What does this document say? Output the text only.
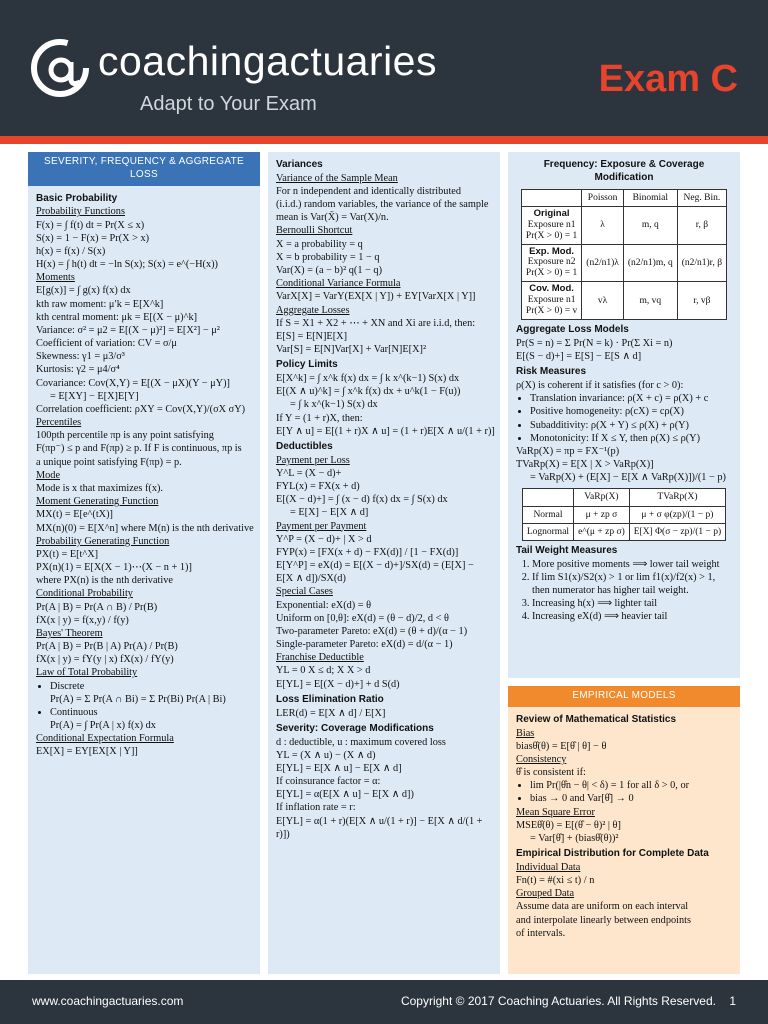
coachingactuaries
Adapt to Your Exam
Exam C
SEVERITY, FREQUENCY & AGGREGATE LOSS
Basic Probability
Probability Functions
F(x) = ∫ f(t) dt = Pr(X ≤ x)
S(x) = 1 − F(x) = Pr(X > x)
h(x) = f(x) / S(x)
H(x) = ∫ h(t) dt = −ln S(x); S(x) = e^(−H(x))
Moments
E[g(x)] = ∫ g(x) f(x) dx
kth raw moment: μ′k = E[X^k]
kth central moment: μk = E[(X − μ)^k]
Variance: σ² = μ2 = E[(X − μ)²] = E[X²] − μ²
Coefficient of variation: CV = σ/μ
Skewness: γ1 = μ3/σ³
Kurtosis: γ2 = μ4/σ⁴
Covariance: Cov(X,Y) = E[(X − μX)(Y − μY)]
= E[XY] − E[X]E[Y]
Correlation coefficient: ρXY = Cov(X,Y)/(σX σY)
Percentiles
100pth percentile πp is any point satisfying
F(πp⁻) ≤ p and F(πp) ≥ p. If F is continuous, πp is
a unique point satisfying F(πp) = p.
Mode
Mode is x that maximizes f(x).
Moment Generating Function
MX(t) = E[e^(tX)]
MX(n)(0) = E[X^n] where M(n) is the nth derivative
Probability Generating Function
PX(t) = E[t^X]
PX(n)(1) = E[X(X − 1)⋯(X − n + 1)]
where PX(n) is the nth derivative
Conditional Probability
Pr(A | B) = Pr(A ∩ B) / Pr(B)
fX(x | y) = f(x,y) / f(y)
Bayes' Theorem
Pr(A | B) = Pr(B | A) Pr(A) / Pr(B)
fX(x | y) = fY(y | x) fX(x) / fY(y)
Law of Total Probability
• Discrete
Pr(A) = Σ Pr(A ∩ Bi) = Σ Pr(Bi) Pr(A | Bi)
• Continuous
Pr(A) = ∫ Pr(A | x) f(x) dx
Conditional Expectation Formula
EX[X] = EY[EX[X | Y]]
Variances
Variance of the Sample Mean
For n independent and identically distributed
(i.i.d.) random variables, the variance of the sample
mean is Var(X̄) = Var(X)/n.
Bernoulli Shortcut
X = a probability = q
X = b probability = 1 − q
Var(X) = (a − b)² q(1 − q)
Conditional Variance Formula
VarX[X] = VarY(EX[X | Y]) + EY[VarX[X | Y]]
Aggregate Losses
If S = X1 + X2 + ⋯ + XN and Xi are i.i.d, then:
E[S] = E[N]E[X]
Var[S] = E[N]Var[X] + Var[N]E[X]²
Policy Limits
E[X^k] = ∫ x^k f(x) dx = ∫ k x^(k−1) S(x) dx
E[(X ∧ u)^k] = ∫ x^k f(x) dx + u^k(1 − F(u))
= ∫ k x^(k−1) S(x) dx
If Y = (1 + r)X, then:
E[Y ∧ u] = E[(1 + r)X ∧ u] = (1 + r)E[X ∧ u/(1 + r)]
Deductibles
Payment per Loss
Y^L = (X − d)+
FYL(x) = FX(x + d)
E[(X − d)+] = ∫ (x − d) f(x) dx = ∫ S(x) dx
= E[X] − E[X ∧ d]
Payment per Payment
Y^P = (X − d)+ | X > d
FYP(x) = [FX(x + d) − FX(d)] / [1 − FX(d)]
E[Y^P] = eX(d) = E[(X − d)+]/SX(d) = (E[X] − E[X ∧ d])/SX(d)
Special Cases
Exponential: eX(d) = θ
Uniform on [0,θ]: eX(d) = (θ − d)/2, d < θ
Two-parameter Pareto: eX(d) = (θ + d)/(α − 1)
Single-parameter Pareto: eX(d) = d/(α − 1)
Franchise Deductible
YL = 0 X ≤ d; X X > d
E[YL] = E[(X − d)+] + d S(d)
Loss Elimination Ratio
LER(d) = E[X ∧ d] / E[X]
Severity: Coverage Modifications
d : deductible, u : maximum covered loss
YL = (X ∧ u) − (X ∧ d)
E[YL] = E[X ∧ u] − E[X ∧ d]
If coinsurance factor = α:
E[YL] = α(E[X ∧ u] − E[X ∧ d])
If inflation rate = r:
E[YL] = α(1 + r)(E[X ∧ u/(1 + r)] − E[X ∧ d/(1 + r)])
Frequency: Exposure & Coverage Modification
	Poisson	Binomial	Neg. Bin.
Original
Exposure n1
Pr(X > 0) = 1	λ	m, q	r, β
Exp. Mod.
Exposure n2
Pr(X > 0) = 1	(n2/n1)λ	(n2/n1)m, q	(n2/n1)r, β
Cov. Mod.
Exposure n1
Pr(X > 0) = v	vλ	m, vq	r, vβ
Aggregate Loss Models
Pr(S = n) = Σ Pr(N = k) · Pr(Σ Xi = n)
E[(S − d)+] = E[S] − E[S ∧ d]
Risk Measures
ρ(X) is coherent if it satisfies (for c > 0):
• Translation invariance: ρ(X + c) = ρ(X) + c
• Positive homogeneity: ρ(cX) = cρ(X)
• Subadditivity: ρ(X + Y) ≤ ρ(X) + ρ(Y)
• Monotonicity: If X ≤ Y, then ρ(X) ≤ ρ(Y)
VaRp(X) = πp = FX⁻¹(p)
TVaRp(X) = E[X | X > VaRp(X)]
= VaRp(X) + (E[X] − E[X ∧ VaRp(X)])/(1 − p)
	VaRp(X)	TVaRp(X)
Normal	μ + zp σ	μ + σ φ(zp)/(1 − p)
Lognormal	e^(μ + zp σ)	E[X] Φ(σ − zp)/(1 − p)
Tail Weight Measures
1. More positive moments ⟹ lower tail weight
2. If lim S1(x)/S2(x) > 1 or lim f1(x)/f2(x) > 1, then numerator has higher tail weight.
3. Increasing h(x) ⟹ lighter tail
4. Increasing eX(d) ⟹ heavier tail
EMPIRICAL MODELS
Review of Mathematical Statistics
Bias
biasθ̂(θ) = E[θ̂ | θ] − θ
Consistency
θ̂ is consistent if:
• lim Pr(|θ̂n − θ| < δ) = 1 for all δ > 0, or
• bias → 0 and Var[θ̂] → 0
Mean Square Error
MSEθ̂(θ) = E[(θ̂ − θ)² | θ]
= Var[θ̂] + (biasθ̂(θ))²
Empirical Distribution for Complete Data
Individual Data
Fn(t) = #(xi ≤ t) / n
Grouped Data
Assume data are uniform on each interval
and interpolate linearly between endpoints
of intervals.
www.coachingactuaries.com	Copyright © 2017 Coaching Actuaries. All Rights Reserved. 1
